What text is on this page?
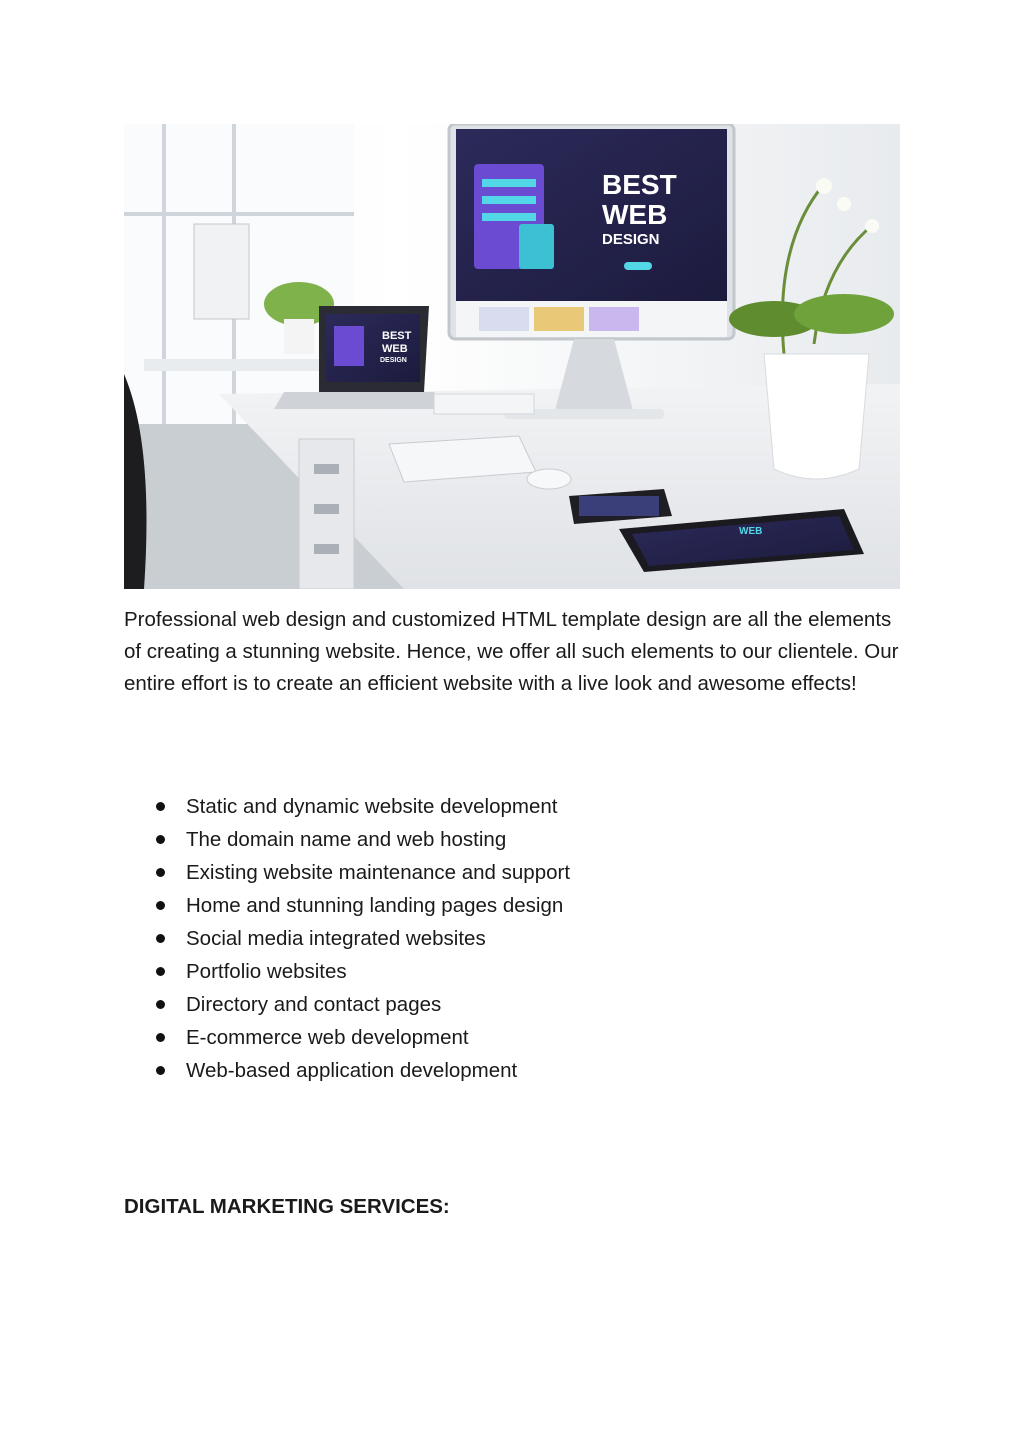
BEST
WEB
DESIGN
BEST
WEB
DESIGN
WEB

Professional web design and customized HTML template design are all the elements of creating a stunning website. Hence, we offer all such elements to our clientele. Our entire effort is to create an efficient website with a live look and awesome effects!

Static and dynamic website development
The domain name and web hosting
Existing website maintenance and support
Home and stunning landing pages design
Social media integrated websites
Portfolio websites
Directory and contact pages
E-commerce web development
Web-based application development
DIGITAL MARKETING SERVICES:
